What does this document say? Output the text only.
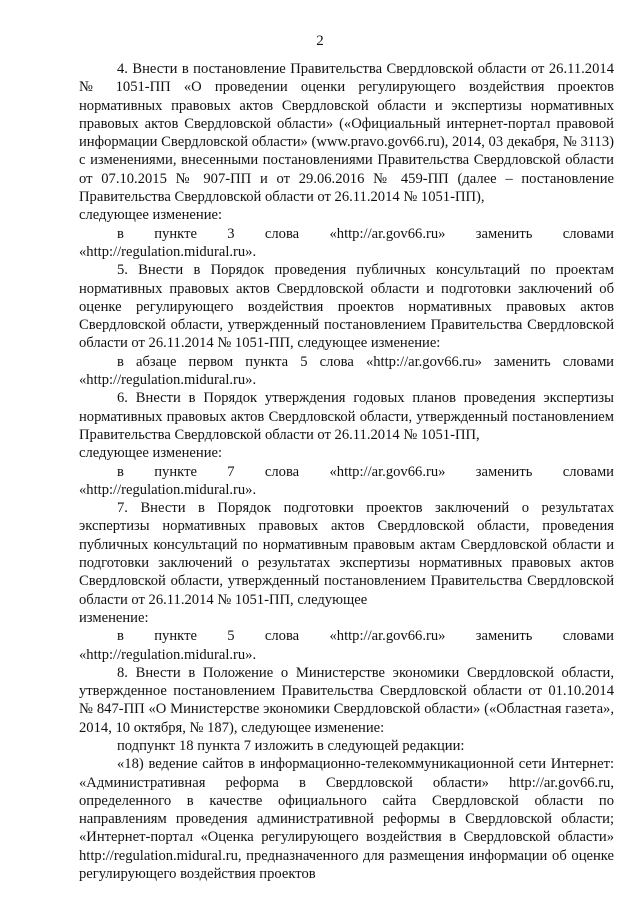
2

4. Внести в постановление Правительства Свердловской области от 26.11.2014 № 1051-ПП «О проведении оценки регулирующего воздействия проектов нормативных правовых актов Свердловской области и экспертизы нормативных правовых актов Свердловской области» («Официальный интернет-портал правовой информации Свердловской области» (www.pravo.gov66.ru), 2014, 03 декабря, № 3113) с изменениями, внесенными постановлениями Правительства Свердловской области от 07.10.2015 № 907-ПП и от 29.06.2016 № 459-ПП (далее – постановление Правительства Свердловской области от 26.11.2014 № 1051-ПП),

следующее изменение:

в пункте 3 слова «http://ar.gov66.ru» заменить словами

«http://regulation.midural.ru».

5. Внести в Порядок проведения публичных консультаций по проектам нормативных правовых актов Свердловской области и подготовки заключений об оценке регулирующего воздействия проектов нормативных правовых актов Свердловской области, утвержденный постановлением Правительства Свердловской области от 26.11.2014 № 1051-ПП, следующее изменение:

в абзаце первом пункта 5 слова «http://ar.gov66.ru» заменить словами «http://regulation.midural.ru».

6. Внести в Порядок утверждения годовых планов проведения экспертизы нормативных правовых актов Свердловской области, утвержденный постановлением Правительства Свердловской области от 26.11.2014 № 1051-ПП,

следующее изменение:

в пункте 7 слова «http://ar.gov66.ru» заменить словами

«http://regulation.midural.ru».

7. Внести в Порядок подготовки проектов заключений о результатах экспертизы нормативных правовых актов Свердловской области, проведения публичных консультаций по нормативным правовым актам Свердловской области и подготовки заключений о результатах экспертизы нормативных правовых актов Свердловской области, утвержденный постановлением Правительства Свердловской области от 26.11.2014 № 1051-ПП, следующее

изменение:

в пункте 5 слова «http://ar.gov66.ru» заменить словами

«http://regulation.midural.ru».

8. Внести в Положение о Министерстве экономики Свердловской области, утвержденное постановлением Правительства Свердловской области от 01.10.2014 № 847-ПП «О Министерстве экономики Свердловской области» («Областная газета», 2014, 10 октября, № 187), следующее изменение:

подпункт 18 пункта 7 изложить в следующей редакции:

«18) ведение сайтов в информационно-телекоммуникационной сети Интернет: «Административная реформа в Свердловской области» http://ar.gov66.ru, определенного в качестве официального сайта Свердловской области по направлениям проведения административной реформы в Свердловской области; «Интернет-портал «Оценка регулирующего воздействия в Свердловской области» http://regulation.midural.ru, предназначенного для размещения информации об оценке регулирующего воздействия проектов
